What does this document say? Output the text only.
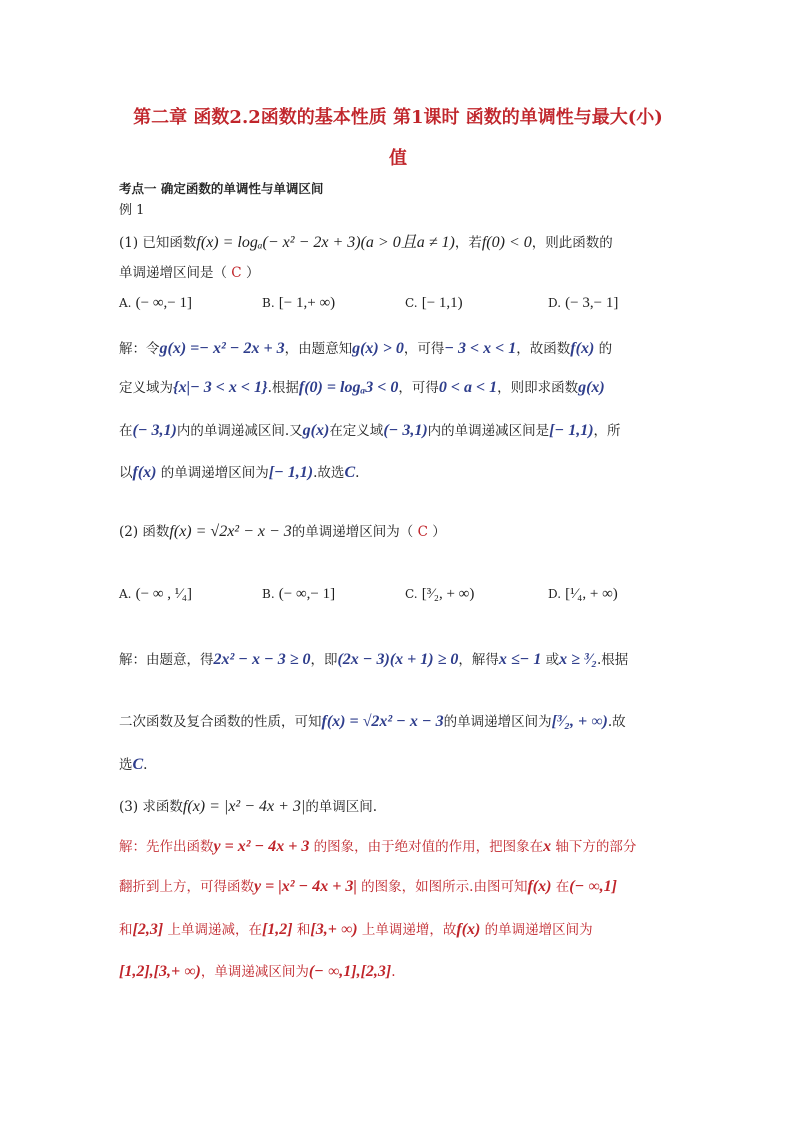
第二章 函数2.2函数的基本性质 第1课时 函数的单调性与最大(小)
值
考点一 确定函数的单调性与单调区间
例 1
(1) 已知函数f(x) = logₐ(− x² − 2x + 3)(a > 0且a ≠ 1)，若f(0) < 0，则此函数的
单调递增区间是（ C ）
A. (− ∞,− 1]	B. [− 1,+ ∞)	C. [− 1,1)	D. (− 3,− 1]
解：令g(x) =− x² − 2x + 3，由题意知g(x) > 0，可得− 3 < x < 1，故函数f(x) 的
定义域为{x|− 3 < x < 1}.根据f(0) = logₐ3 < 0，可得0 < a < 1，则即求函数g(x)
在(− 3,1)内的单调递减区间.又g(x)在定义域(− 3,1)内的单调递减区间是[− 1,1)，所
以f(x) 的单调递增区间为[− 1,1).故选C.
(2) 函数f(x) = √2x² − x − 3的单调递增区间为（ C ）
A. (− ∞ , ¹⁄₄]	B. (− ∞,− 1]	C. [³⁄₂, + ∞)	D. [¹⁄₄, + ∞)
解：由题意，得2x² − x − 3 ≥ 0，即(2x − 3)(x + 1) ≥ 0，解得x ≤− 1 或x ≥ ³⁄₂.根据
二次函数及复合函数的性质，可知f(x) = √2x² − x − 3的单调递增区间为[³⁄₂, + ∞).故
选C.
(3) 求函数f(x) = |x² − 4x + 3|的单调区间.
解：先作出函数y = x² − 4x + 3 的图象，由于绝对值的作用，把图象在x 轴下方的部分
翻折到上方，可得函数y = |x² − 4x + 3| 的图象，如图所示.由图可知f(x) 在(− ∞,1]
和[2,3] 上单调递减，在[1,2] 和[3,+ ∞) 上单调递增，故f(x) 的单调递增区间为
[1,2],[3,+ ∞)，单调递减区间为(− ∞,1],[2,3].
